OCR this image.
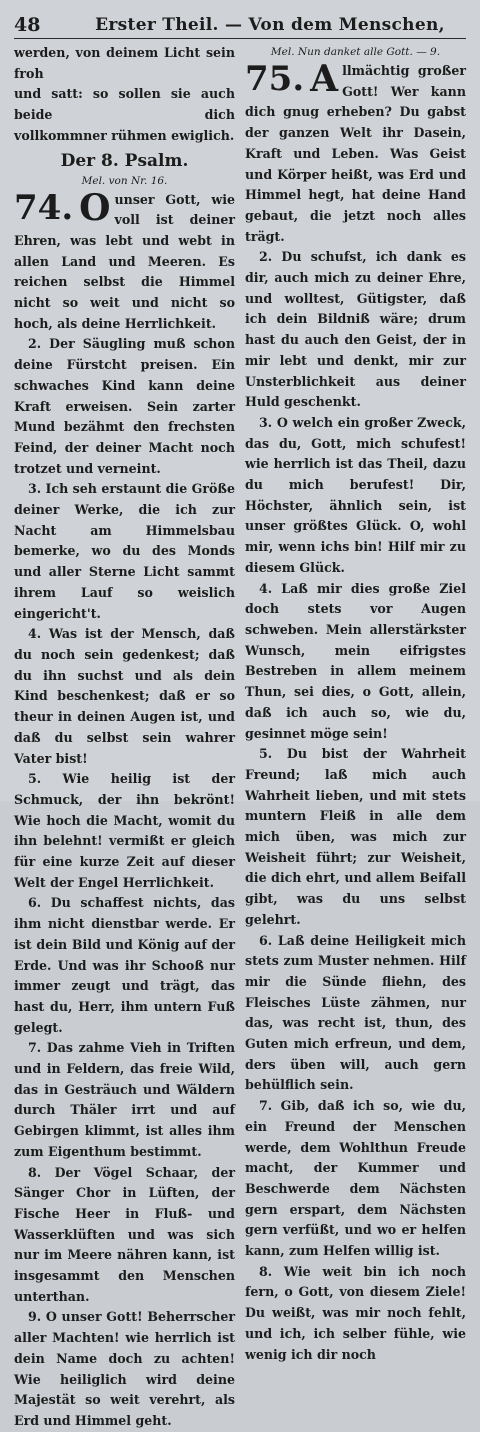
48	Erster Theil. — Von dem Menschen,

werden, von deinem Licht sein froh

und satt: so sollen sie auch beide dich

vollkommner rühmen ewiglich.

Der 8. Psalm.
Mel. von Nr. 16.

74. O unser Gott, wie voll ist deiner Ehren, was lebt und webt in allen Land und Meeren. Es reichen selbst die Himmel nicht so weit und nicht so hoch, als deine Herrlichkeit.

2. Der Säugling muß schon deine Fürstcht preisen. Ein schwaches Kind kann deine Kraft erweisen. Sein zarter Mund bezähmt den frechsten Feind, der deiner Macht noch trotzet und verneint.

3. Ich seh erstaunt die Größe deiner Werke, die ich zur Nacht am Himmelsbau bemerke, wo du des Monds und aller Sterne Licht sammt ihrem Lauf so weislich eingericht't.

4. Was ist der Mensch, daß du noch sein gedenkest; daß du ihn suchst und als dein Kind beschenkest; daß er so theur in deinen Augen ist, und daß du selbst sein wahrer Vater bist!

5. Wie heilig ist der Schmuck, der ihn bekrönt! Wie hoch die Macht, womit du ihn belehnt! vermißt er gleich für eine kurze Zeit auf dieser Welt der Engel Herrlichkeit.

6. Du schaffest nichts, das ihm nicht dienstbar werde. Er ist dein Bild und König auf der Erde. Und was ihr Schooß nur immer zeugt und trägt, das hast du, Herr, ihm untern Fuß gelegt.

7. Das zahme Vieh in Triften und in Feldern, das freie Wild, das in Gesträuch und Wäldern durch Thäler irrt und auf Gebirgen klimmt, ist alles ihm zum Eigenthum bestimmt.

8. Der Vögel Schaar, der Sänger Chor in Lüften, der Fische Heer in Fluß- und Wasserklüften und was sich nur im Meere nähren kann, ist insgesammt den Menschen unterthan.

9. O unser Gott! Beherrscher aller Machten! wie herrlich ist dein Name doch zu achten! Wie heiliglich wird deine Majestät so weit verehrt, als Erd und Himmel geht.

Mel. Nun danket alle Gott. — 9.

75. A llmächtig großer Gott! Wer kann dich gnug erheben? Du gabst der ganzen Welt ihr Dasein, Kraft und Leben. Was Geist und Körper heißt, was Erd und Himmel hegt, hat deine Hand gebaut, die jetzt noch alles trägt.

2. Du schufst, ich dank es dir, auch mich zu deiner Ehre, und wolltest, Gütigster, daß ich dein Bildniß wäre; drum hast du auch den Geist, der in mir lebt und denkt, mir zur Unsterblichkeit aus deiner Huld geschenkt.

3. O welch ein großer Zweck, das du, Gott, mich schufest! wie herrlich ist das Theil, dazu du mich berufest! Dir, Höchster, ähnlich sein, ist unser größtes Glück. O, wohl mir, wenn ichs bin! Hilf mir zu diesem Glück.

4. Laß mir dies große Ziel doch stets vor Augen schweben. Mein allerstärkster Wunsch, mein eifrigstes Bestreben in allem meinem Thun, sei dies, o Gott, allein, daß ich auch so, wie du, gesinnet möge sein!

5. Du bist der Wahrheit Freund; laß mich auch Wahrheit lieben, und mit stets muntern Fleiß in alle dem mich üben, was mich zur Weisheit führt; zur Weisheit, die dich ehrt, und allem Beifall gibt, was du uns selbst gelehrt.

6. Laß deine Heiligkeit mich stets zum Muster nehmen. Hilf mir die Sünde fliehn, des Fleisches Lüste zähmen, nur das, was recht ist, thun, des Guten mich erfreun, und dem, ders üben will, auch gern behülflich sein.

7. Gib, daß ich so, wie du, ein Freund der Menschen werde, dem Wohlthun Freude macht, der Kummer und Beschwerde dem Nächsten gern erspart, dem Nächsten gern verfüßt, und wo er helfen kann, zum Helfen willig ist.

8. Wie weit bin ich noch fern, o Gott, von diesem Ziele! Du weißt, was mir noch fehlt, und ich, ich selber fühle, wie wenig ich dir noch
